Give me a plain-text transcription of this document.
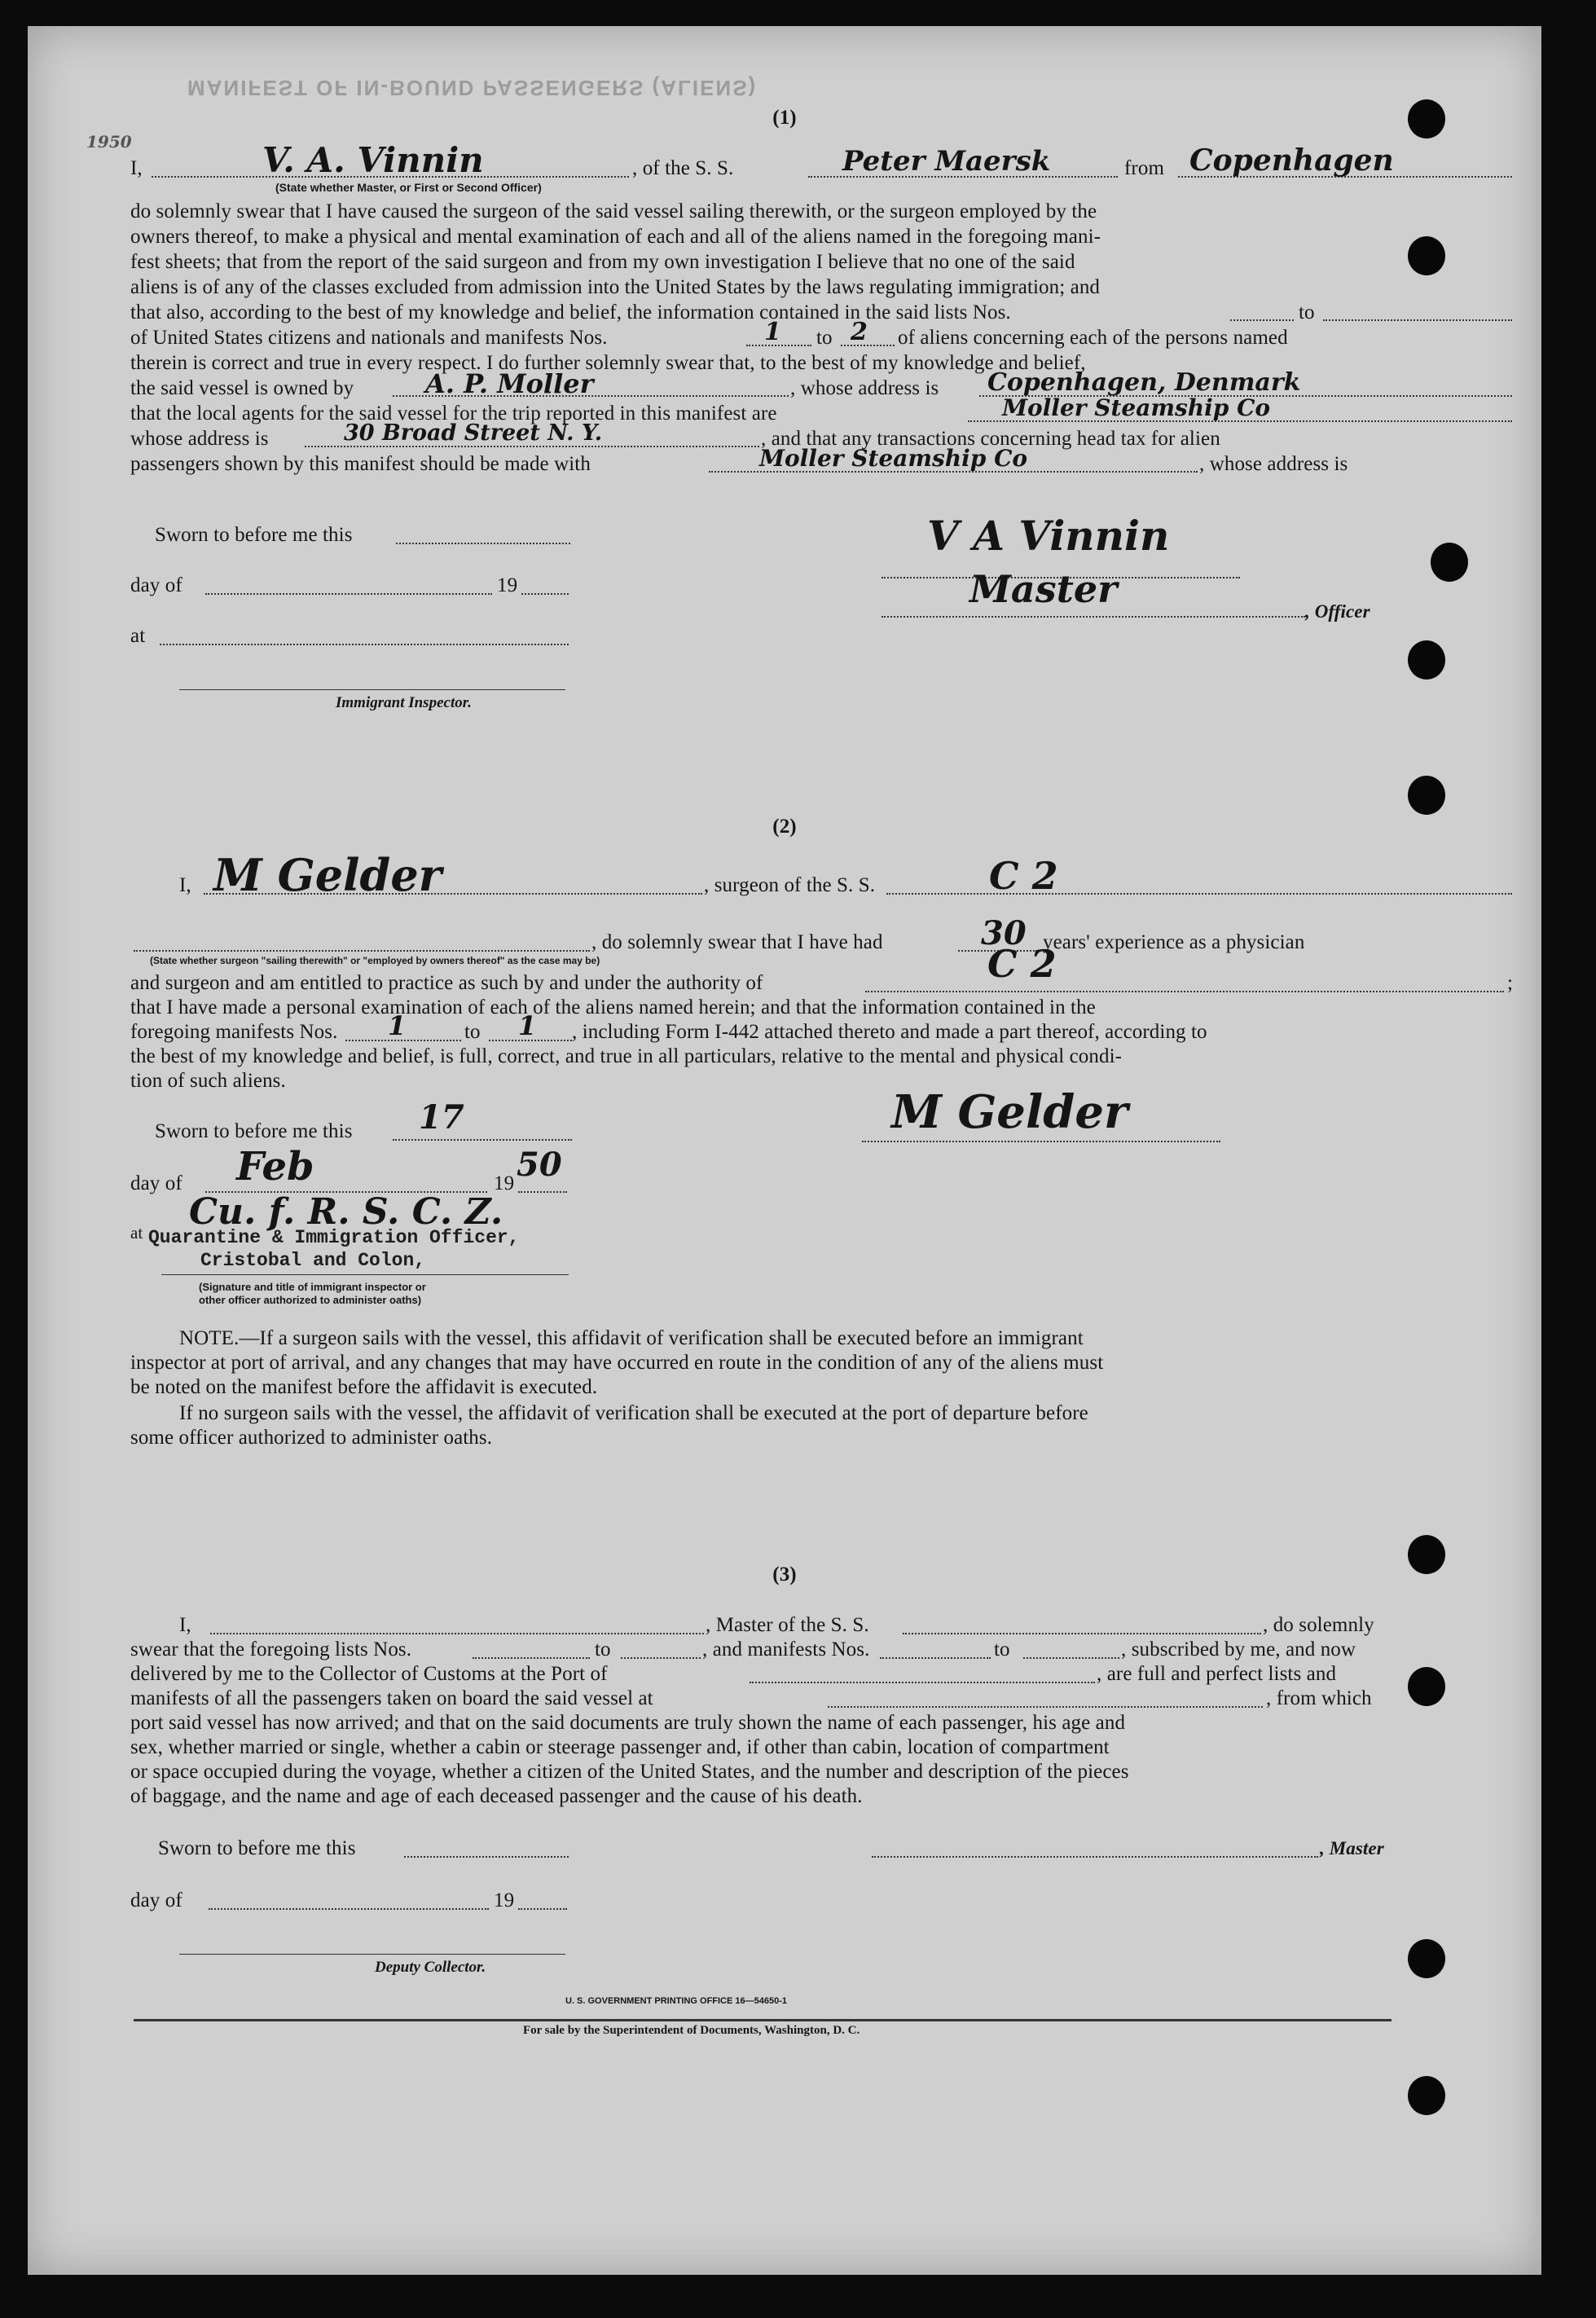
MANIFEST OF IN-BOUND PASSENGERS (ALIENS)
(1)
I,	V. A. Vinnin	, of the S. S.	Peter Maersk	from Copenhagen
1950
(State whether Master, or First or Second Officer)
do solemnly swear that I have caused the surgeon of the said vessel sailing therewith, or the surgeon employed by the
owners thereof, to make a physical and mental examination of each and all of the aliens named in the foregoing mani-
fest sheets; that from the report of the said surgeon and from my own investigation I believe that no one of the said
aliens is of any of the classes excluded from admission into the United States by the laws regulating immigration; and
that also, according to the best of my knowledge and belief, the information contained in the said lists Nos.	to
of United States citizens and nationals and manifests Nos.	1 to 2 of aliens concerning each of the persons named
therein is correct and true in every respect. I do further solemnly swear that, to the best of my knowledge and belief,
the said vessel is owned by	A. P. Moller	, whose address is Copenhagen, Denmark
that the local agents for the said vessel for the trip reported in this manifest are	Moller Steamship Co
whose address is	30 Broad Street N. Y.	, and that any transactions concerning head tax for alien
passengers shown by this manifest should be made with	Moller Steamship Co	, whose address is
Sworn to before me this	V A Vinnin
day of	19	Master
, Officer
at
Immigrant Inspector.
(2)
I, M Gelder	, surgeon of the S. S.	C 2
, do solemnly swear that I have had	30 years' experience as a physician
(State whether surgeon "sailing therewith" or "employed by owners thereof" as the case may be)
and surgeon and am entitled to practice as such by and under the authority of	C 2	;
that I have made a personal examination of each of the aliens named herein; and that the information contained in the
foregoing manifests Nos. 1	to 1 , including Form I-442 attached thereto and made a part thereof, according to
the best of my knowledge and belief, is full, correct, and true in all particulars, relative to the mental and physical condi-
tion of such aliens.
Sworn to before me this 17	M Gelder
day of Feb	19 50
at Cu. f. R. S. C. Z.
Quarantine & Immigration Officer,
Cristobal and Colon,
(Signature and title of immigrant inspector or
other officer authorized to administer oaths)
NOTE.—If a surgeon sails with the vessel, this affidavit of verification shall be executed before an immigrant
inspector at port of arrival, and any changes that may have occurred en route in the condition of any of the aliens must
be noted on the manifest before the affidavit is executed.
If no surgeon sails with the vessel, the affidavit of verification shall be executed at the port of departure before
some officer authorized to administer oaths.
(3)
I,	, Master of the S. S.	, do solemnly
swear that the foregoing lists Nos.	to	, and manifests Nos.	to	, subscribed by me, and now
delivered by me to the Collector of Customs at the Port of	, are full and perfect lists and
manifests of all the passengers taken on board the said vessel at	, from which
port said vessel has now arrived; and that on the said documents are truly shown the name of each passenger, his age and
sex, whether married or single, whether a cabin or steerage passenger and, if other than cabin, location of compartment
or space occupied during the voyage, whether a citizen of the United States, and the number and description of the pieces
of baggage, and the name and age of each deceased passenger and the cause of his death.
Sworn to before me this	, Master
day of	19
Deputy Collector.
U. S. GOVERNMENT PRINTING OFFICE 16—54650-1
For sale by the Superintendent of Documents, Washington, D. C.
